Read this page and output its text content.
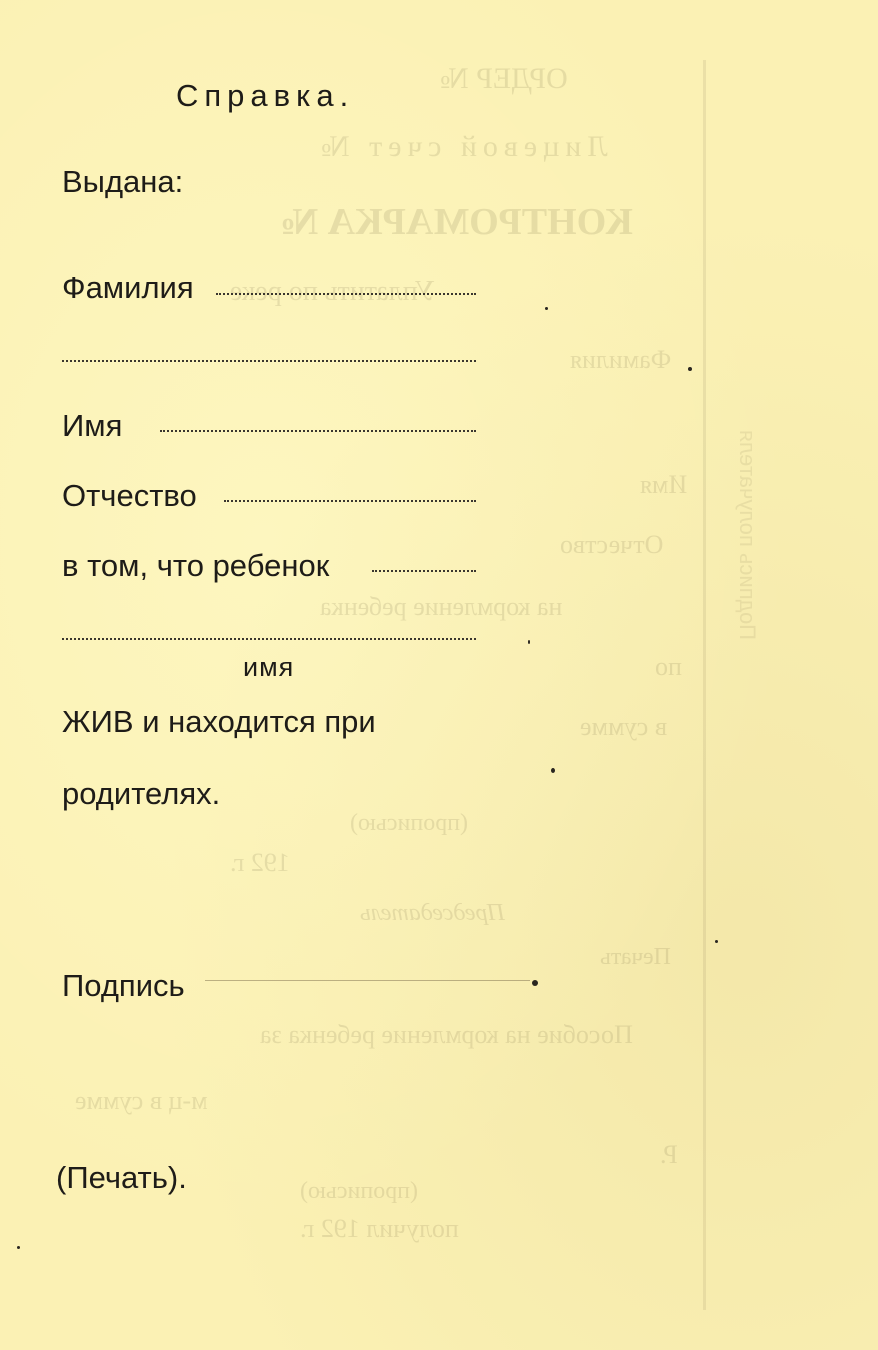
ОРДЕР №
Лицевой счет №
КОНТРОМАРКА №
Уплатить по реке
Фамилия
Имя
Отчество
на кормление ребенка
по
в сумме
(прописью)
192 г.
Председатель
Печать
Пособие на кормление ребенка за
м-ц в сумме
Р.
(прописью)
получил 192 г.
Подпись получателя
Справка.
Выдана:
Фамилия
Имя
Отчество
в том, что ребенок
имя
ЖИВ и находится при
родителях.
Подпись
(Печать).
